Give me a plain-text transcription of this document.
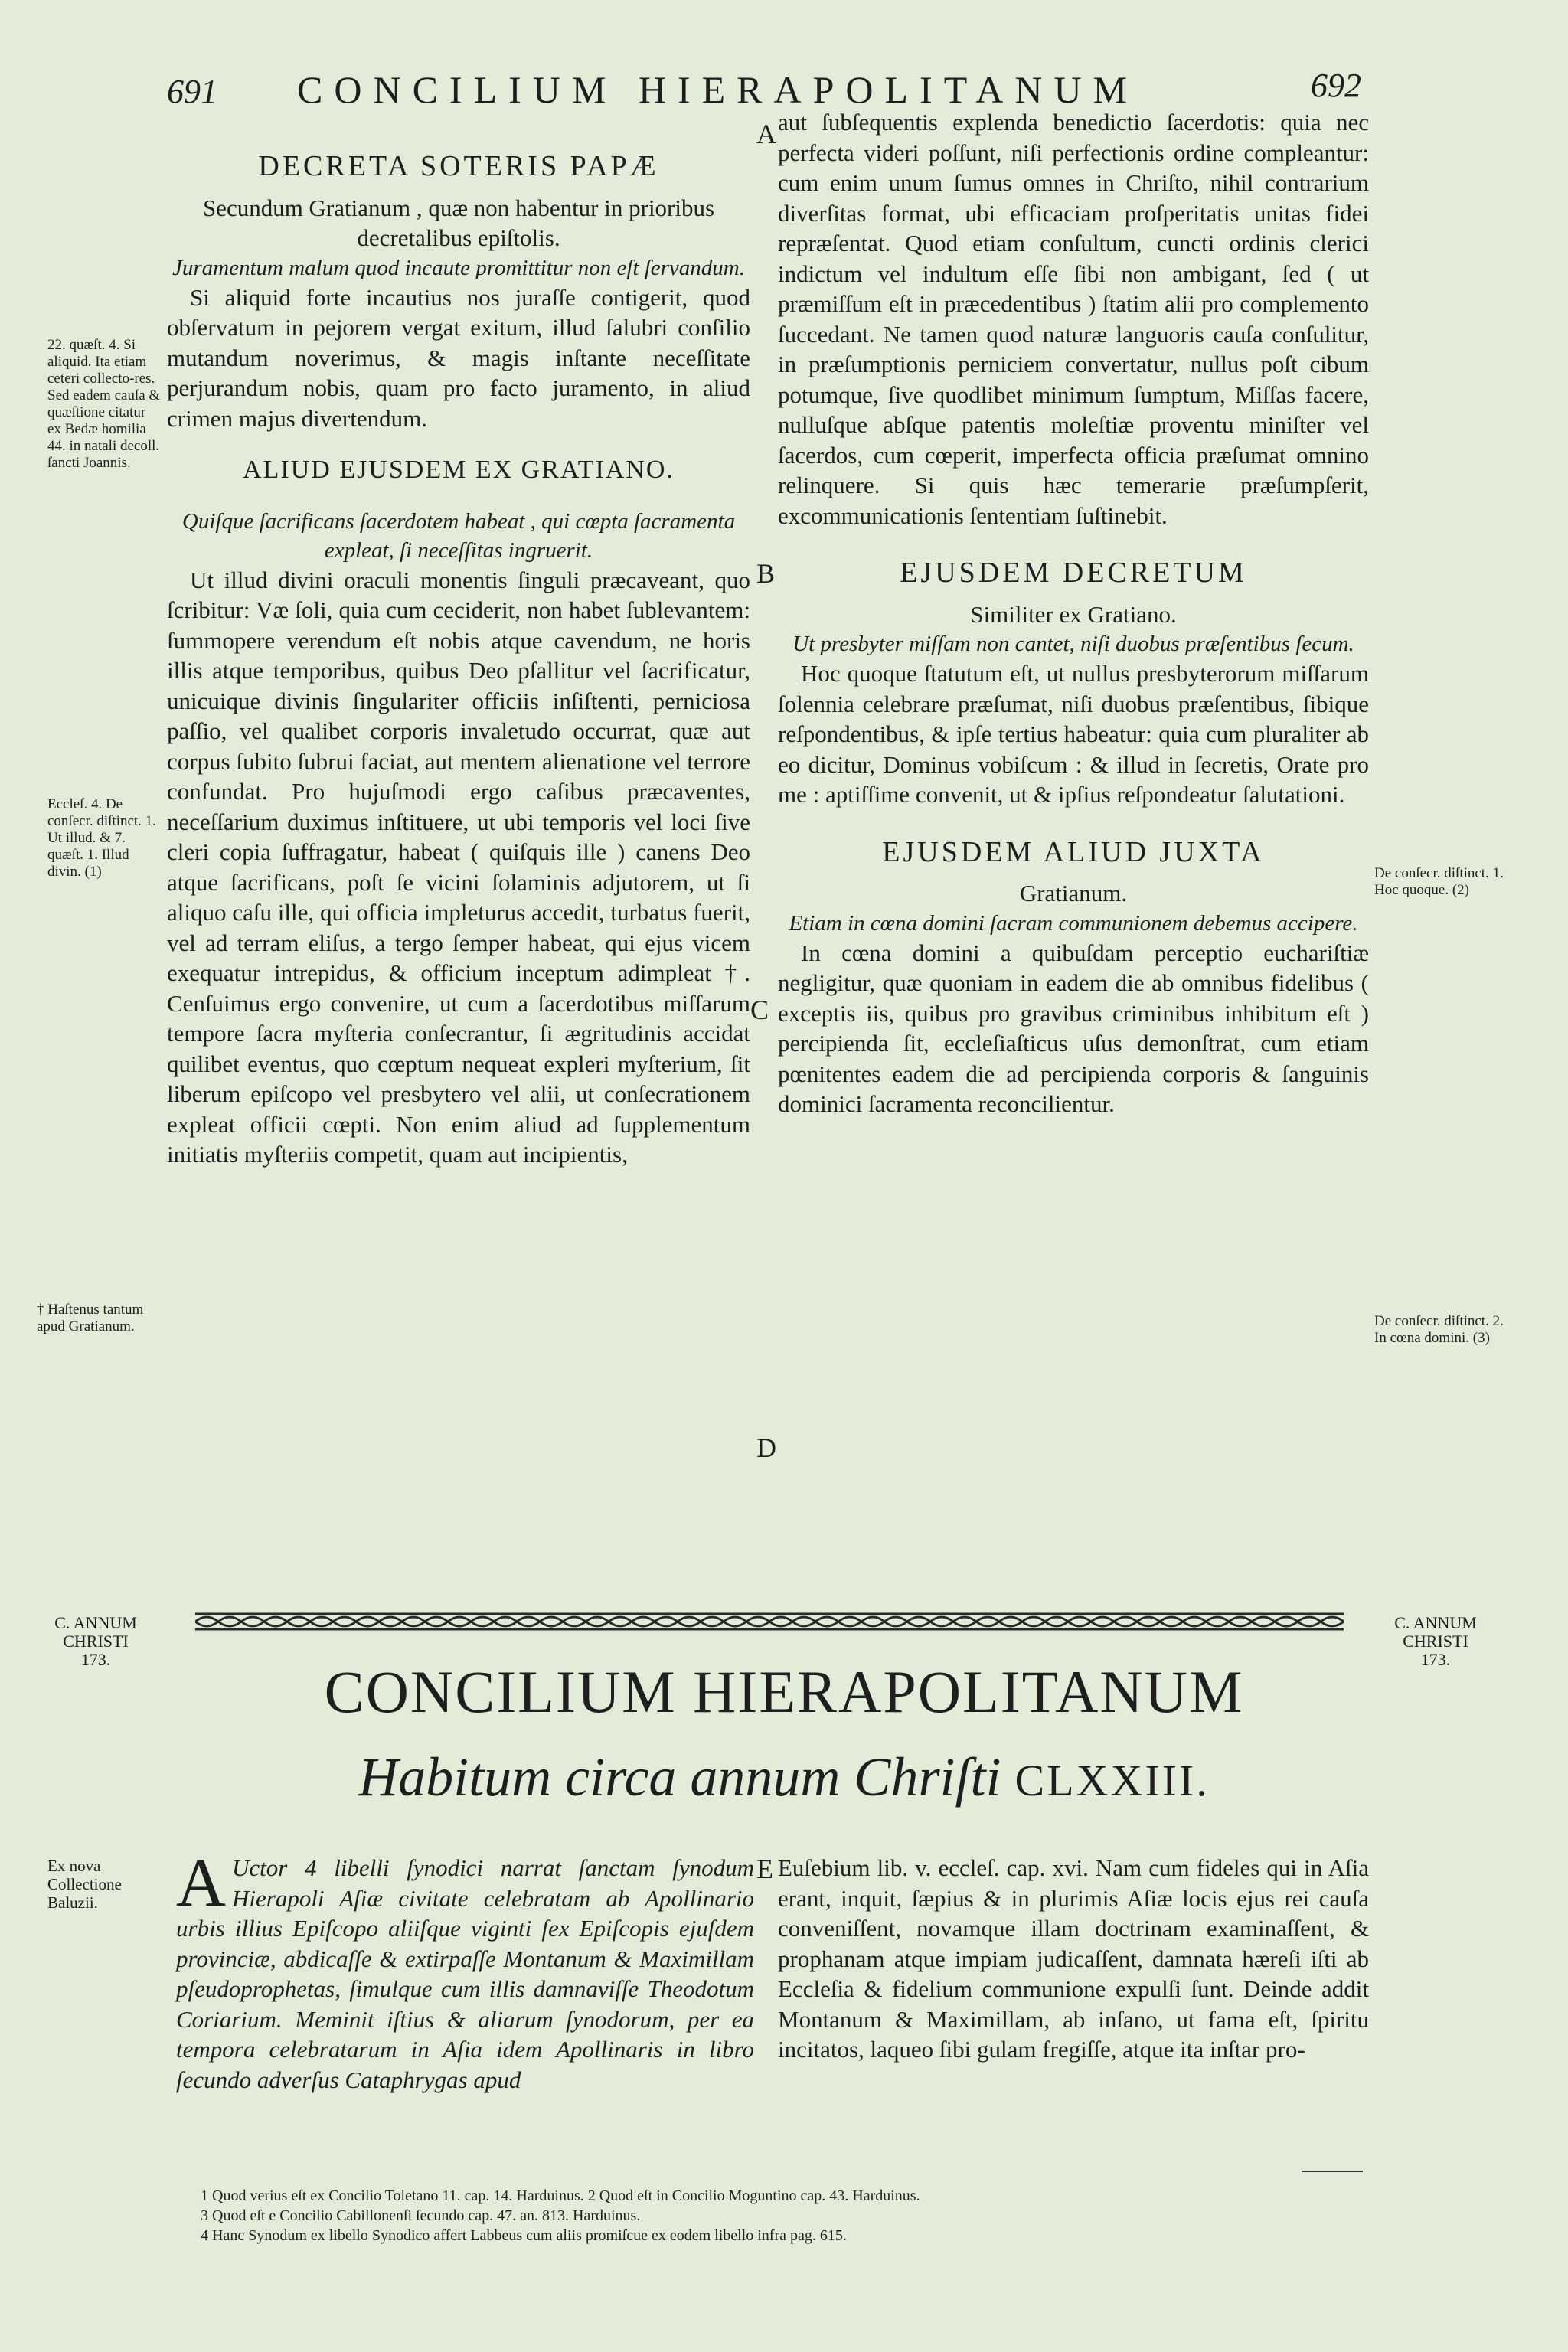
691 CONCILIUM HIERAPOLITANUM	692
DECRETA SOTERIS PAPÆ

Secundum Gratianum , quæ non habentur in prioribus decretalibus epiſtolis.

Juramentum malum quod incaute promittitur non eſt ſervandum.

Si aliquid forte incautius nos juraſſe contigerit, quod obſervatum in pejorem vergat exitum, illud ſalubri conſilio mutandum noverimus, & magis inſtante neceſſitate perjurandum nobis, quam pro facto juramento, in aliud crimen majus divertendum.

ALIUD EJUSDEM EX GRATIANO.

Quiſque ſacrificans ſacerdotem habeat , qui cœpta ſacramenta expleat, ſi neceſſitas ingruerit.

Ut illud divini oraculi monentis ſinguli præcaveant, quo ſcribitur: Væ ſoli, quia cum ceciderit, non habet ſublevantem: ſummopere verendum eſt nobis atque cavendum, ne horis illis atque temporibus, quibus Deo pſallitur vel ſacrificatur, unicuique divinis ſingulariter officiis inſiſtenti, perniciosa paſſio, vel qualibet corporis invaletudo occurrat, quæ aut corpus ſubito ſubrui faciat, aut mentem alienatione vel terrore confundat. Pro hujuſmodi ergo caſibus præcaventes, neceſſarium duximus inſtituere, ut ubi temporis vel loci ſive cleri copia ſuffragatur, habeat ( quiſquis ille ) canens Deo atque ſacrificans, poſt ſe vicini ſolaminis adjutorem, ut ſi aliquo caſu ille, qui officia impleturus accedit, turbatus fuerit, vel ad terram eliſus, a tergo ſemper habeat, qui ejus vicem exequatur intrepidus, & officium inceptum adimpleat †. Cenſuimus ergo convenire, ut cum a ſacerdotibus miſſarum tempore ſacra myſteria conſecrantur, ſi ægritudinis accidat quilibet eventus, quo cœptum nequeat expleri myſterium, ſit liberum epiſcopo vel presbytero vel alii, ut conſecrationem expleat officii cœpti. Non enim aliud ad ſupplementum initiatis myſteriis competit, quam aut incipientis,

22. quæſt. 4. Si aliquid. Ita etiam ceteri collecto-res. Sed eadem cauſa & quæſtione citatur ex Bedæ homilia 44. in natali decoll. ſancti Joannis.
Eccleſ. 4. De conſecr. diſtinct. 1. Ut illud. & 7. quæſt. 1. Illud divin. (1)
† Haſtenus tantum apud Gratianum.

aut ſubſequentis explenda benedictio ſacerdotis: quia nec perfecta videri poſſunt, niſi perfectionis ordine compleantur: cum enim unum ſumus omnes in Chriſto, nihil contrarium diverſitas format, ubi efficaciam proſperitatis unitas fidei repræſentat. Quod etiam conſultum, cuncti ordinis clerici indictum vel indultum eſſe ſibi non ambigant, ſed ( ut præmiſſum eſt in præcedentibus ) ſtatim alii pro complemento ſuccedant. Ne tamen quod naturæ languoris cauſa conſulitur, in præſumptionis perniciem convertatur, nullus poſt cibum potumque, ſive quodlibet minimum ſumptum, Miſſas facere, nulluſque abſque patentis moleſtiæ proventu miniſter vel ſacerdos, cum cœperit, imperfecta officia præſumat omnino relinquere. Si quis hæc temerarie præſumpſerit, excommunicationis ſententiam ſuſtinebit.

EJUSDEM DECRETUM

Similiter ex Gratiano.

Ut presbyter miſſam non cantet, niſi duobus præſentibus ſecum.

Hoc quoque ſtatutum eſt, ut nullus presbyterorum miſſarum ſolennia celebrare præſumat, niſi duobus præſentibus, ſibique reſpondentibus, & ipſe tertius habeatur: quia cum pluraliter ab eo dicitur, Dominus vobiſcum : & illud in ſecretis, Orate pro me : aptiſſime convenit, ut & ipſius reſpondeatur ſalutationi.

EJUSDEM ALIUD JUXTA

Gratianum.

Etiam in cœna domini ſacram communionem debemus accipere.

In cœna domini a quibuſdam perceptio euchariſtiæ negligitur, quæ quoniam in eadem die ab omnibus fidelibus ( exceptis iis, quibus pro gravibus criminibus inhibitum eſt ) percipienda ſit, eccleſiaſticus uſus demonſtrat, cum etiam pœnitentes eadem die ad percipienda corporis & ſanguinis dominici ſacramenta reconcilientur.

De conſecr. diſtinct. 1. Hoc quoque. (2)
De conſecr. diſtinct. 2. In cœna domini. (3)
A
B
C
D
E
C. ANNUM
CHRISTI
173.
C. ANNUM
CHRISTI
173.
CONCILIUM HIERAPOLITANUM
Habitum circa annum Chriſti CLXXIII.
Ex nova Collectione Baluzii.	A Uctor 4 libelli ſynodici narrat ſanctam ſynodum Hierapoli Aſiæ civitate celebratam ab Apollinario urbis illius Epiſcopo aliiſque viginti ſex Epiſcopis ejuſdem provinciæ, abdicaſſe & extirpaſſe Montanum & Maximillam pſeudoprophetas, ſimulque cum illis damnaviſſe Theodotum Coriarium. Meminit iſtius & aliarum ſynodorum, per ea tempora celebratarum in Aſia idem Apollinaris in libro ſecundo adverſus Cataphrygas apud
Euſebium lib. v. eccleſ. cap. xvi. Nam cum fideles qui in Aſia erant, inquit, ſæpius & in plurimis Aſiæ locis ejus rei cauſa conveniſſent, novamque illam doctrinam examinaſſent, & prophanam atque impiam judicaſſent, damnata hæreſi iſti ab Eccleſia & fidelium communione expulſi ſunt. Deinde addit Montanum & Maximillam, ab inſano, ut fama eſt, ſpiritu incitatos, laqueo ſibi gulam fregiſſe, atque ita inſtar pro-
1 Quod verius eſt ex Concilio Toletano 11. cap. 14. Harduinus. 2 Quod eſt in Concilio Moguntino cap. 43. Harduinus.
3 Quod eſt e Concilio Cabillonenſi ſecundo cap. 47. an. 813. Harduinus.
4 Hanc Synodum ex libello Synodico affert Labbeus cum aliis promiſcue ex eodem libello infra pag. 615.
